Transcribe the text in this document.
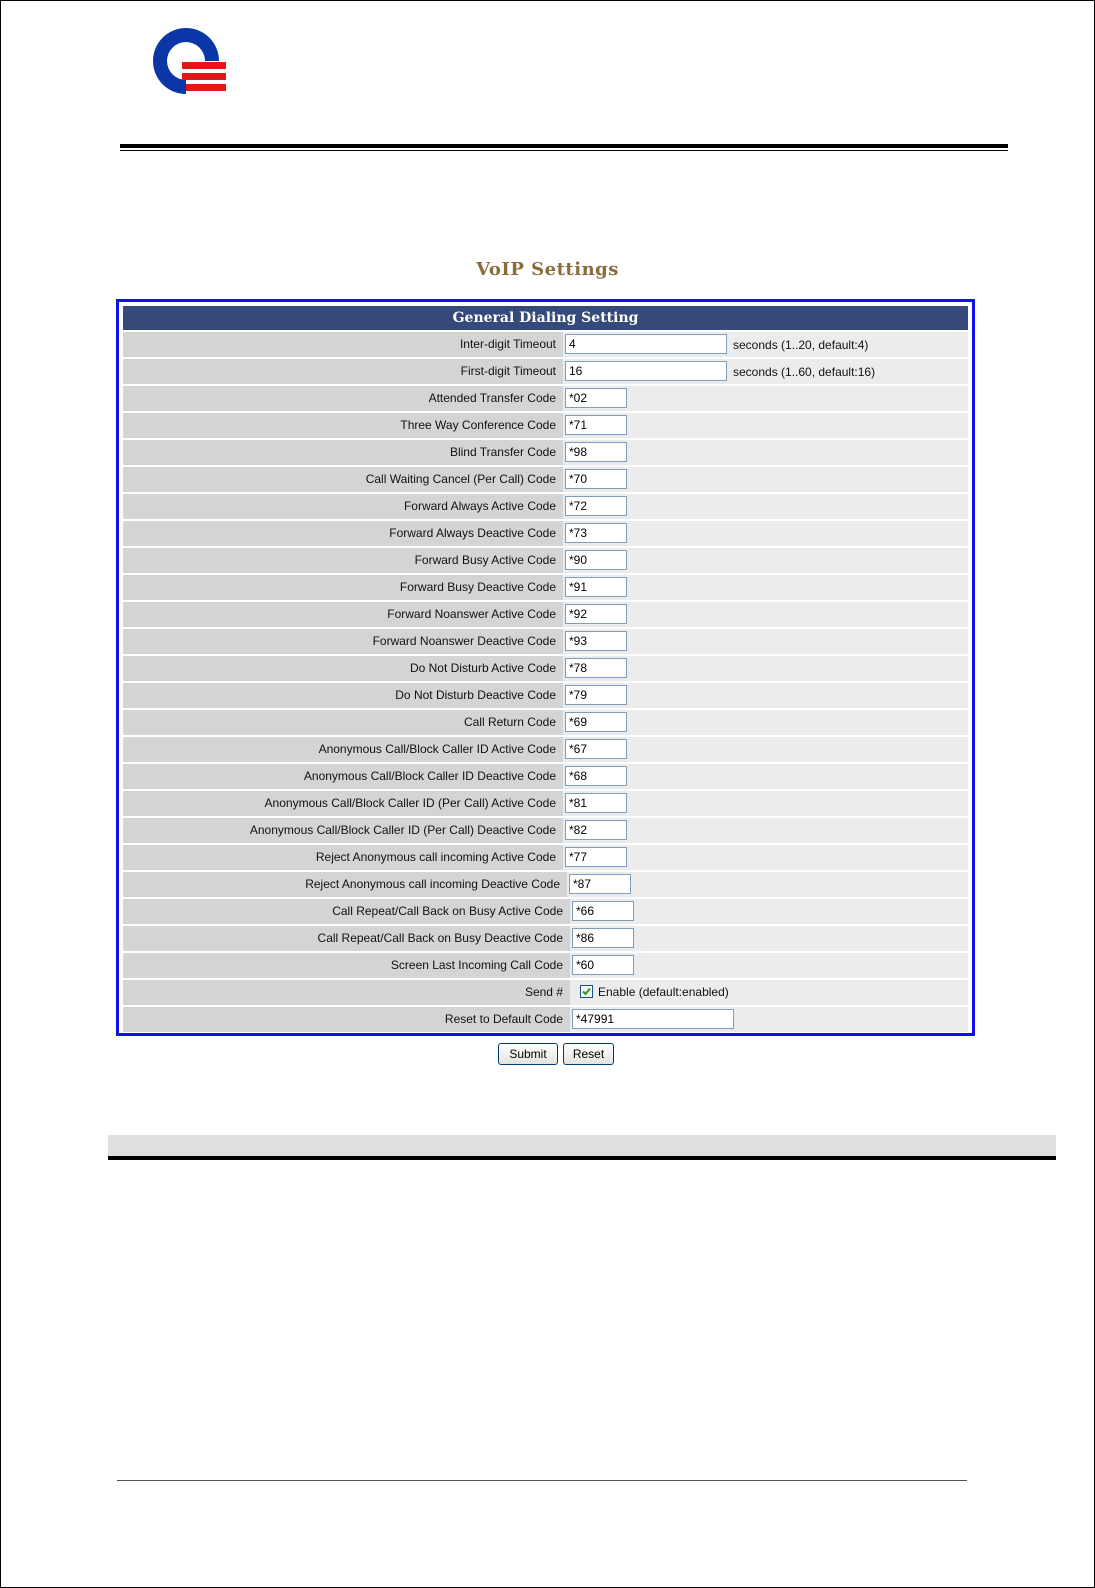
VoIP Settings
General Dialing Setting
Inter-digit Timeout	4	seconds (1..20, default:4)
First-digit Timeout	16	seconds (1..60, default:16)
Attended Transfer Code	*02
Three Way Conference Code	*71
Blind Transfer Code	*98
Call Waiting Cancel (Per Call) Code	*70
Forward Always Active Code	*72
Forward Always Deactive Code	*73
Forward Busy Active Code	*90
Forward Busy Deactive Code	*91
Forward Noanswer Active Code	*92
Forward Noanswer Deactive Code	*93
Do Not Disturb Active Code	*78
Do Not Disturb Deactive Code	*79
Call Return Code	*69
Anonymous Call/Block Caller ID Active Code	*67
Anonymous Call/Block Caller ID Deactive Code	*68
Anonymous Call/Block Caller ID (Per Call) Active Code	*81
Anonymous Call/Block Caller ID (Per Call) Deactive Code	*82
Reject Anonymous call incoming Active Code	*77
Reject Anonymous call incoming Deactive Code	*87
Call Repeat/Call Back on Busy Active Code	*66
Call Repeat/Call Back on Busy Deactive Code	*86
Screen Last Incoming Call Code	*60
Send #	Enable (default:enabled)
Reset to Default Code	*47991
Submit	Reset
